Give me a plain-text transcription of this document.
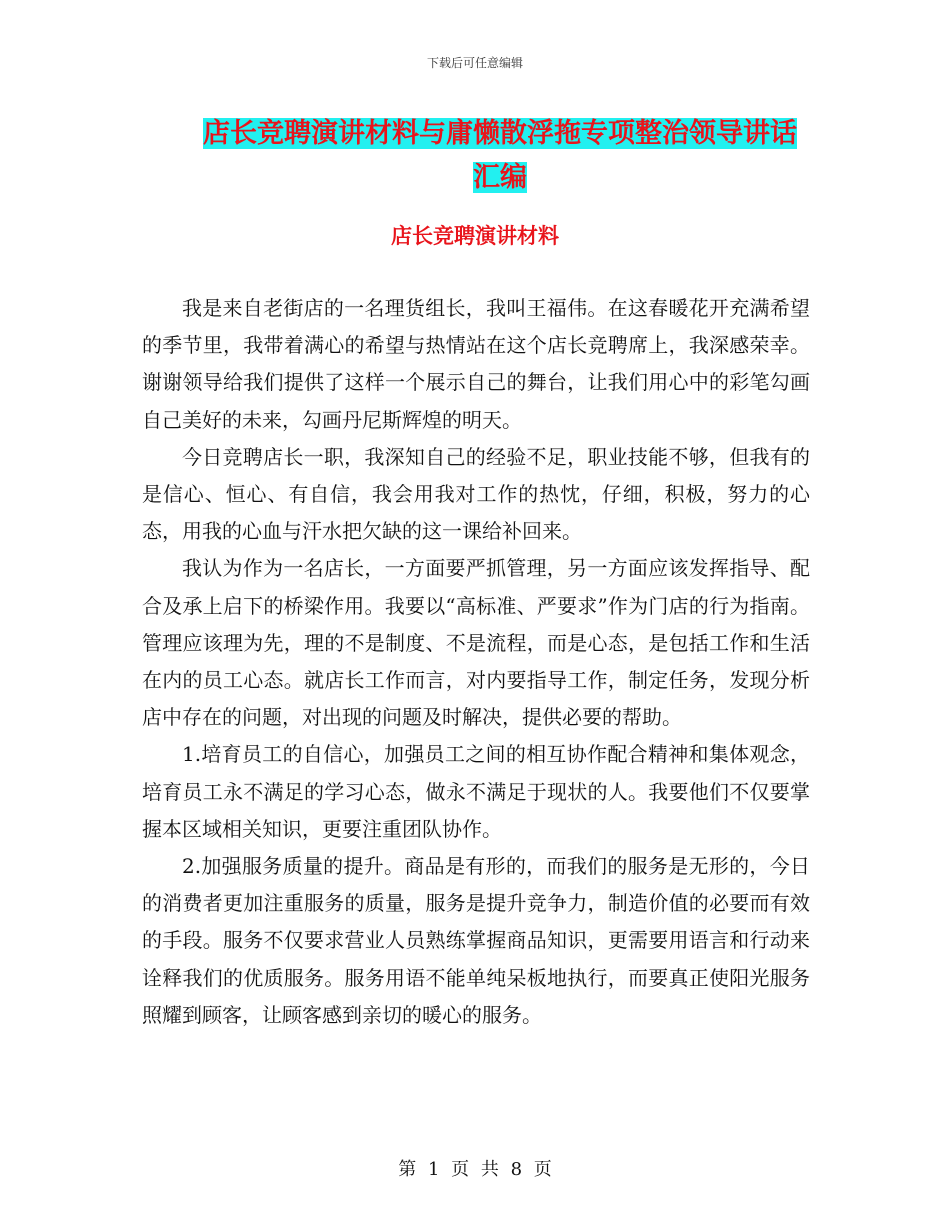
下载后可任意编辑
店长竞聘演讲材料与庸懒散浮拖专项整治领导讲话汇编
店长竞聘演讲材料

我是来自老街店的一名理货组长，我叫王福伟。在这春暖花开充满希望的季节里，我带着满心的希望与热情站在这个店长竞聘席上，我深感荣幸。谢谢领导给我们提供了这样一个展示自己的舞台，让我们用心中的彩笔勾画自己美好的未来，勾画丹尼斯辉煌的明天。

今日竞聘店长一职，我深知自己的经验不足，职业技能不够，但我有的是信心、恒心、有自信，我会用我对工作的热忱，仔细，积极，努力的心态，用我的心血与汗水把欠缺的这一课给补回来。

我认为作为一名店长，一方面要严抓管理，另一方面应该发挥指导、配合及承上启下的桥梁作用。我要以“高标准、严要求”作为门店的行为指南。管理应该理为先，理的不是制度、不是流程，而是心态，是包括工作和生活在内的员工心态。就店长工作而言，对内要指导工作，制定任务，发现分析店中存在的问题，对出现的问题及时解决，提供必要的帮助。

1.培育员工的自信心，加强员工之间的相互协作配合精神和集体观念，培育员工永不满足的学习心态，做永不满足于现状的人。我要他们不仅要掌握本区域相关知识，更要注重团队协作。

2.加强服务质量的提升。商品是有形的，而我们的服务是无形的，今日的消费者更加注重服务的质量，服务是提升竞争力，制造价值的必要而有效的手段。服务不仅要求营业人员熟练掌握商品知识，更需要用语言和行动来诠释我们的优质服务。服务用语不能单纯呆板地执行，而要真正使阳光服务照耀到顾客，让顾客感到亲切的暖心的服务。

第 1 页 共 8 页
